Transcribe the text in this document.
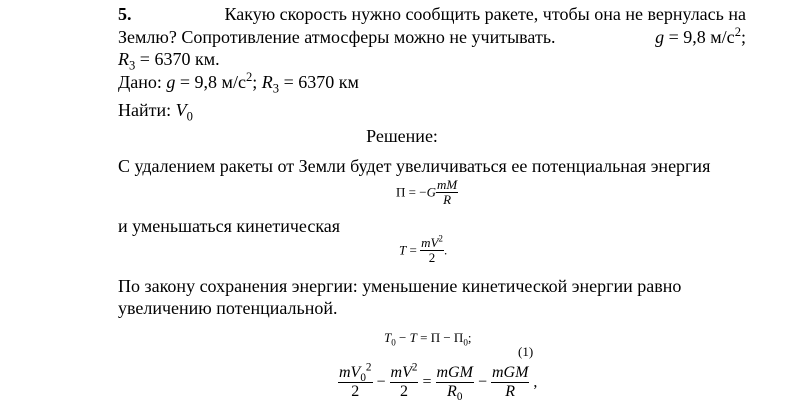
5.	Какую скорость нужно сообщить ракете, чтобы она не вернулась на
Землю? Сопротивление атмосферы можно не учитывать.	g = 9,8 $м/с^2$;
$R_3 = 6370$ км.
Дано: g = 9,8 $м/с^2$; $R_3 = 6370$ км
Найти: $V_0$
Решение:
С удалением ракеты от Земли будет увеличиваться ее потенциальная энергия
$П = -G \frac{mM}{R}$
и уменьшаться кинетическая
$T = \frac{mV^2}{2}$ .
По закону сохранения энергии: уменьшение кинетической энергии равно
увеличению потенциальной.
$T_0 - T = П - П_0$;
(1)
$\frac{mV_0^2}{2} - \frac{mV^2}{2} = \frac{\text{mGM}}{R_0} - \frac{\text{mGM}}{R}$ ,
